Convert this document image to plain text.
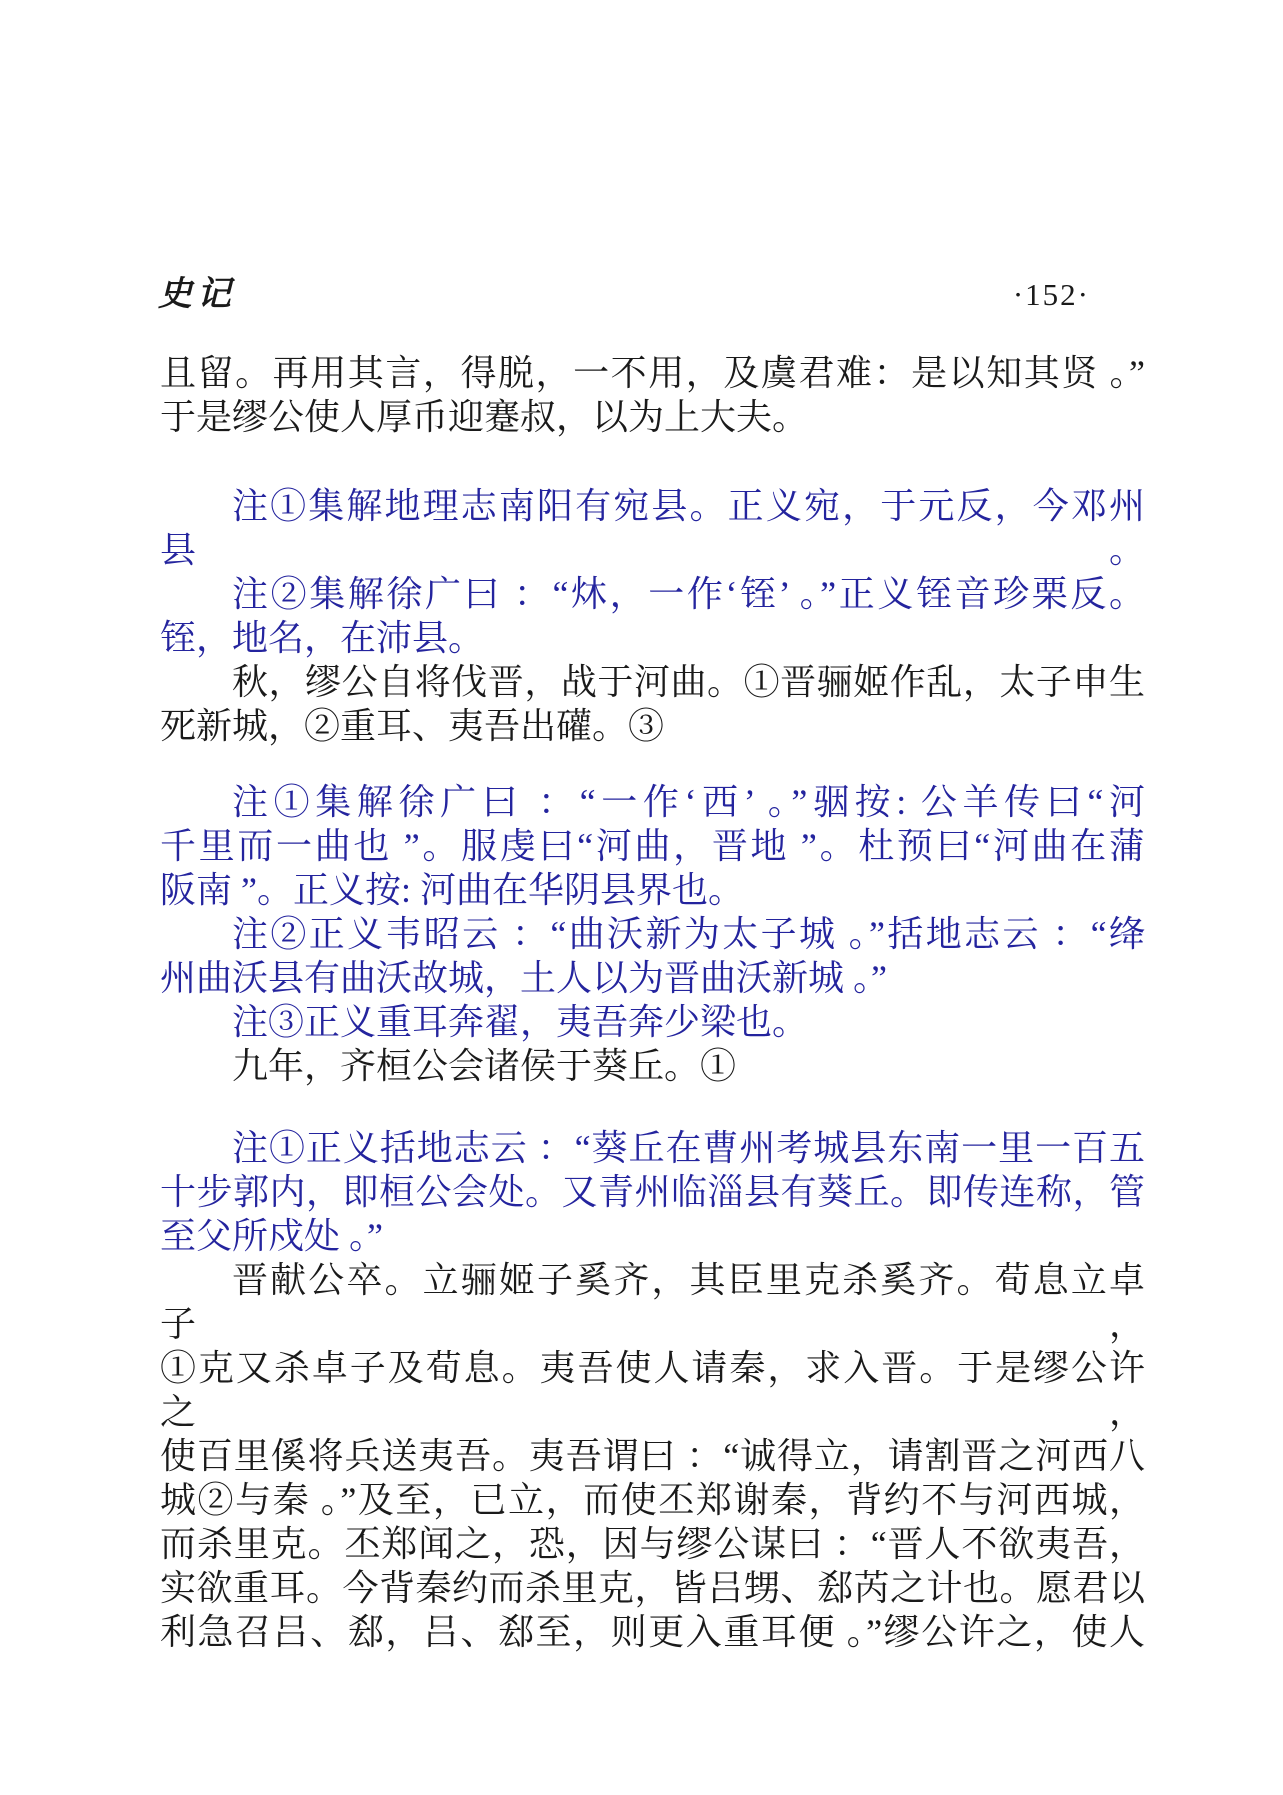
史记	·152·
且留。再用其言，得脱，一不用，及虞君难：是以知其贤 。”
于是缪公使人厚币迎蹇叔，以为上大夫。
注①集解地理志南阳有宛县。正义宛，于元反，今邓州县。
注②集解徐广曰 ：“炑，一作‘铚’ 。”正义铚音珍栗反。
铚，地名，在沛县。
秋，缪公自将伐晋，战于河曲。①晋骊姬作乱，太子申生
死新城，②重耳、夷吾出礶。③
注①集解徐广曰 ：“一作‘西’ 。”骃按: 公羊传曰“河
千里而一曲也 ”。服虔曰“河曲，晋地 ”。杜预曰“河曲在蒲
阪南 ”。正义按: 河曲在华阴县界也。
注②正义韦昭云 ：“曲沃新为太子城 。”括地志云 ：“绛
州曲沃县有曲沃故城，土人以为晋曲沃新城 。”
注③正义重耳奔翟，夷吾奔少梁也。
九年，齐桓公会诸侯于葵丘。①
注①正义括地志云 ：“葵丘在曹州考城县东南一里一百五
十步郭内，即桓公会处。又青州临淄县有葵丘。即传连称，管
至父所戍处 。”
晋献公卒。立骊姬子奚齐，其臣里克杀奚齐。荀息立卓子，
①克又杀卓子及荀息。夷吾使人请秦，求入晋。于是缪公许之，
使百里傒将兵送夷吾。夷吾谓曰 ：“诚得立，请割晋之河西八
城②与秦 。”及至，已立，而使丕郑谢秦，背约不与河西城，
而杀里克。丕郑闻之，恐，因与缪公谋曰 ：“晋人不欲夷吾，
实欲重耳。今背秦约而杀里克，皆吕甥、郄芮之计也。愿君以
利急召吕、郄，吕、郄至，则更入重耳便 。”缪公许之，使人
